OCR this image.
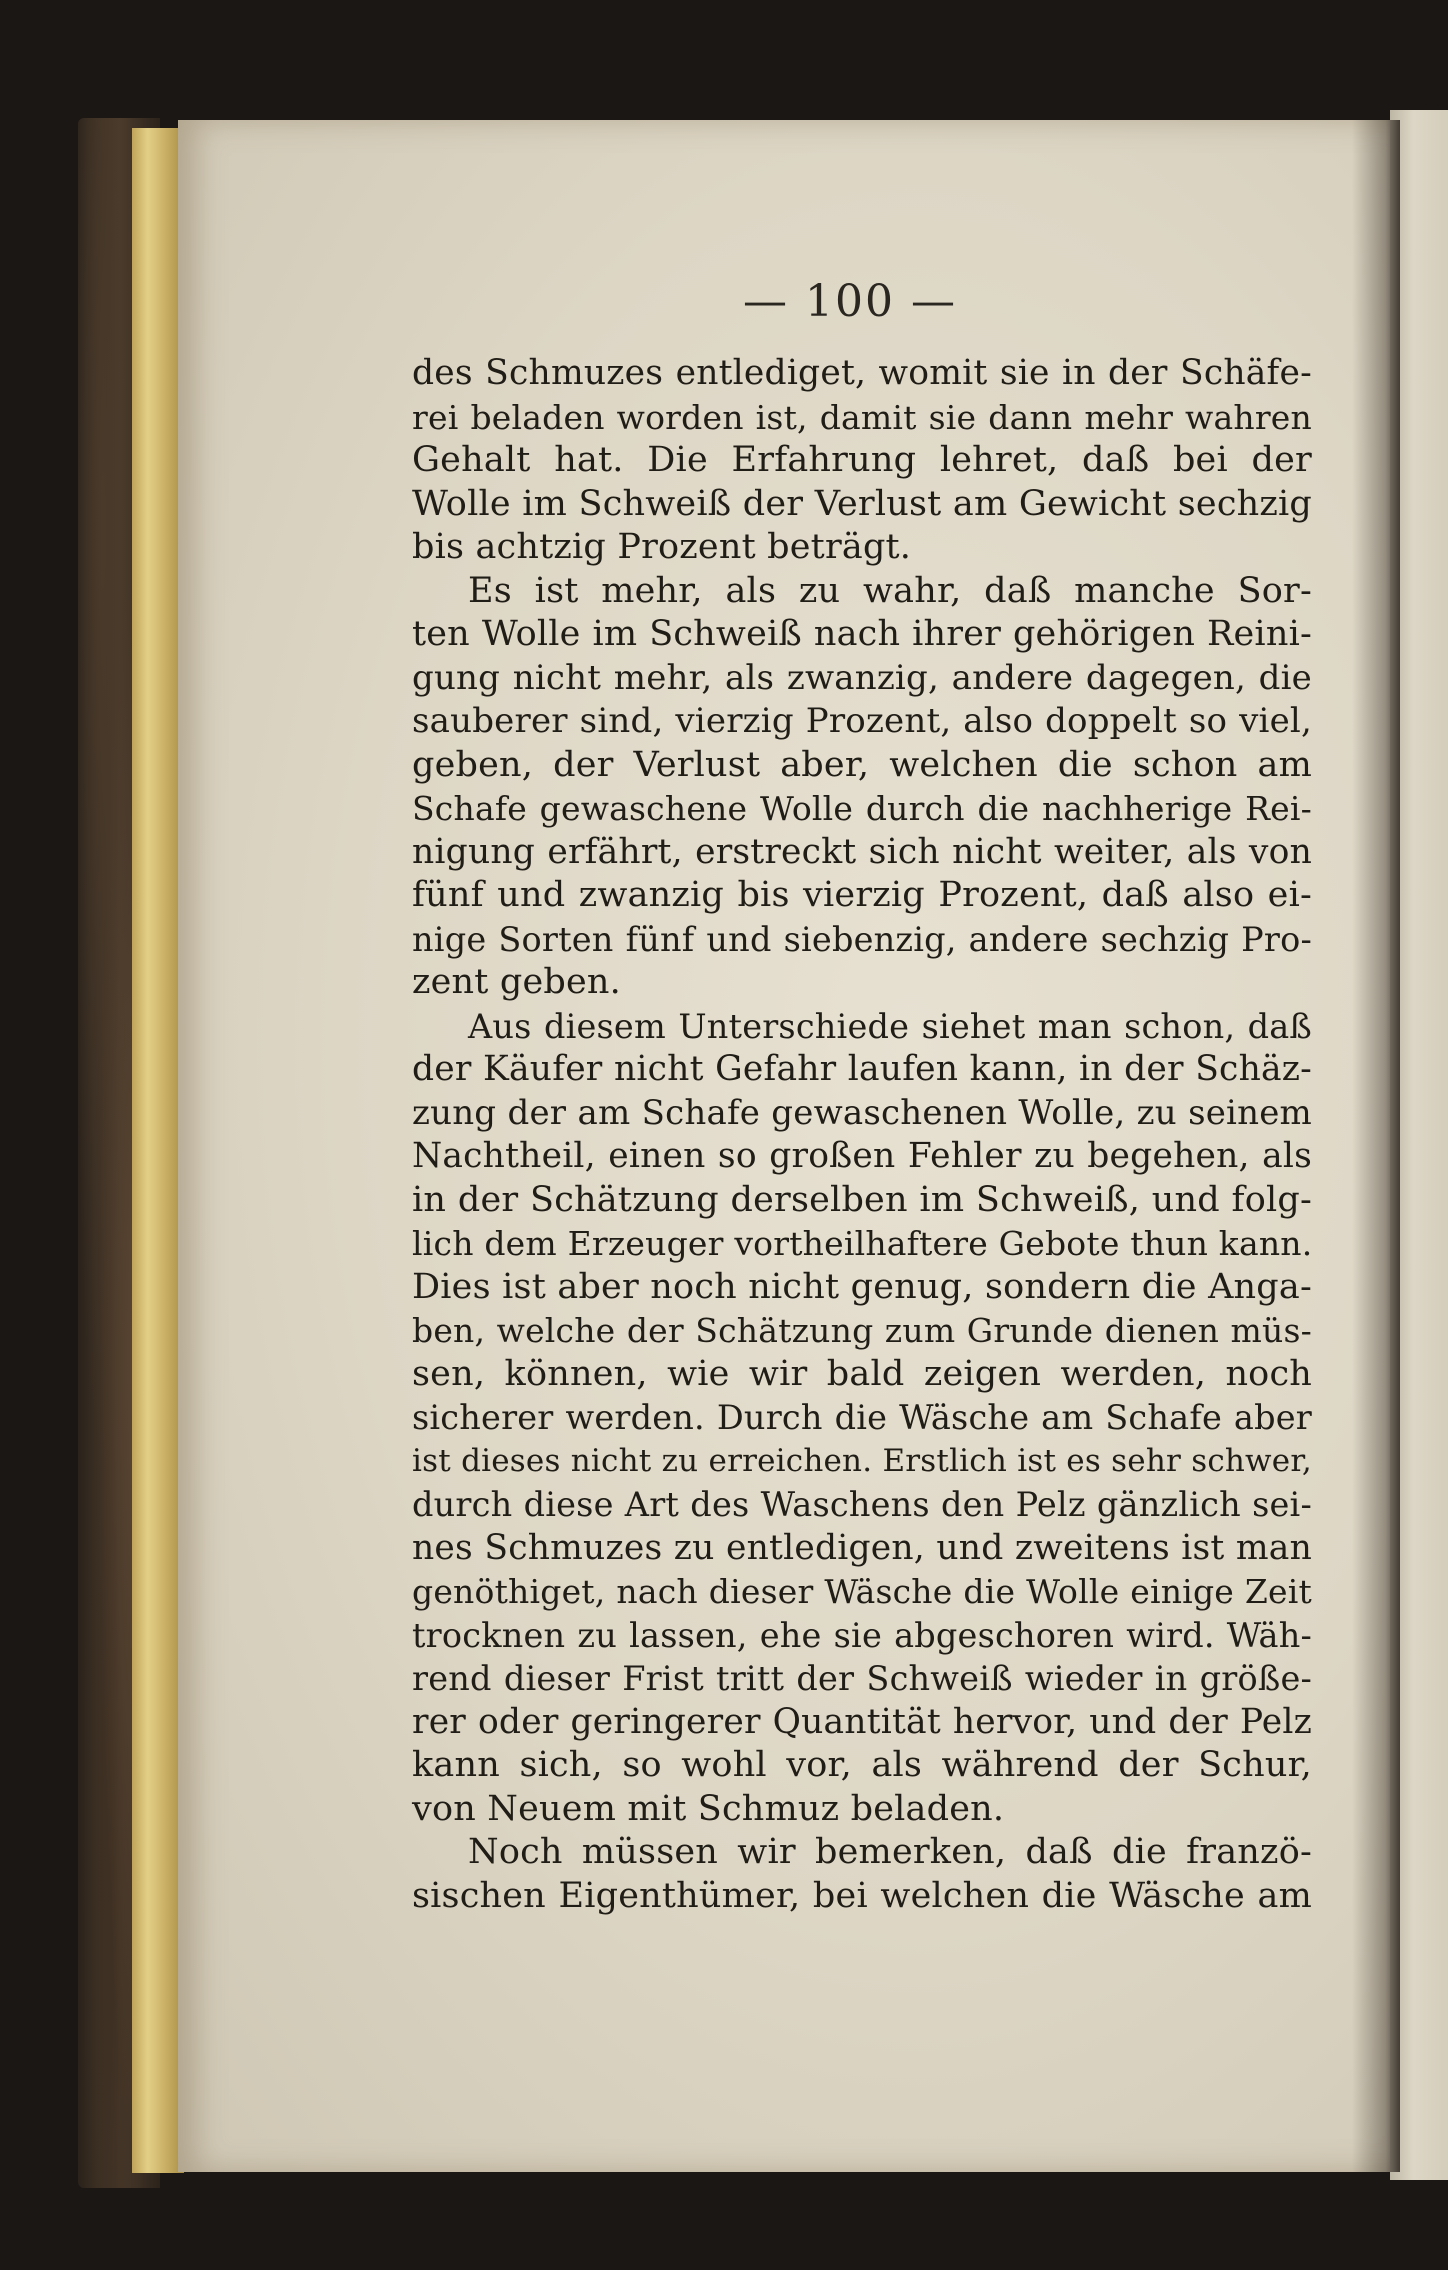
— 100 —
des Schmuzes entlediget, womit sie in der Schäfe-
rei beladen worden ist, damit sie dann mehr wahren
Gehalt hat. Die Erfahrung lehret, daß bei der
Wolle im Schweiß der Verlust am Gewicht sechzig
bis achtzig Prozent beträgt.
Es ist mehr, als zu wahr, daß manche Sor-
ten Wolle im Schweiß nach ihrer gehörigen Reini-
gung nicht mehr, als zwanzig, andere dagegen, die
sauberer sind, vierzig Prozent, also doppelt so viel,
geben, der Verlust aber, welchen die schon am
Schafe gewaschene Wolle durch die nachherige Rei-
nigung erfährt, erstreckt sich nicht weiter, als von
fünf und zwanzig bis vierzig Prozent, daß also ei-
nige Sorten fünf und siebenzig, andere sechzig Pro-
zent geben.
Aus diesem Unterschiede siehet man schon, daß
der Käufer nicht Gefahr laufen kann, in der Schäz-
zung der am Schafe gewaschenen Wolle, zu seinem
Nachtheil, einen so großen Fehler zu begehen, als
in der Schätzung derselben im Schweiß, und folg-
lich dem Erzeuger vortheilhaftere Gebote thun kann.
Dies ist aber noch nicht genug, sondern die Anga-
ben, welche der Schätzung zum Grunde dienen müs-
sen, können, wie wir bald zeigen werden, noch
sicherer werden. Durch die Wäsche am Schafe aber
ist dieses nicht zu erreichen. Erstlich ist es sehr schwer,
durch diese Art des Waschens den Pelz gänzlich sei-
nes Schmuzes zu entledigen, und zweitens ist man
genöthiget, nach dieser Wäsche die Wolle einige Zeit
trocknen zu lassen, ehe sie abgeschoren wird. Wäh-
rend dieser Frist tritt der Schweiß wieder in größe-
rer oder geringerer Quantität hervor, und der Pelz
kann sich, so wohl vor, als während der Schur,
von Neuem mit Schmuz beladen.
Noch müssen wir bemerken, daß die franzö-
sischen Eigenthümer, bei welchen die Wäsche am
